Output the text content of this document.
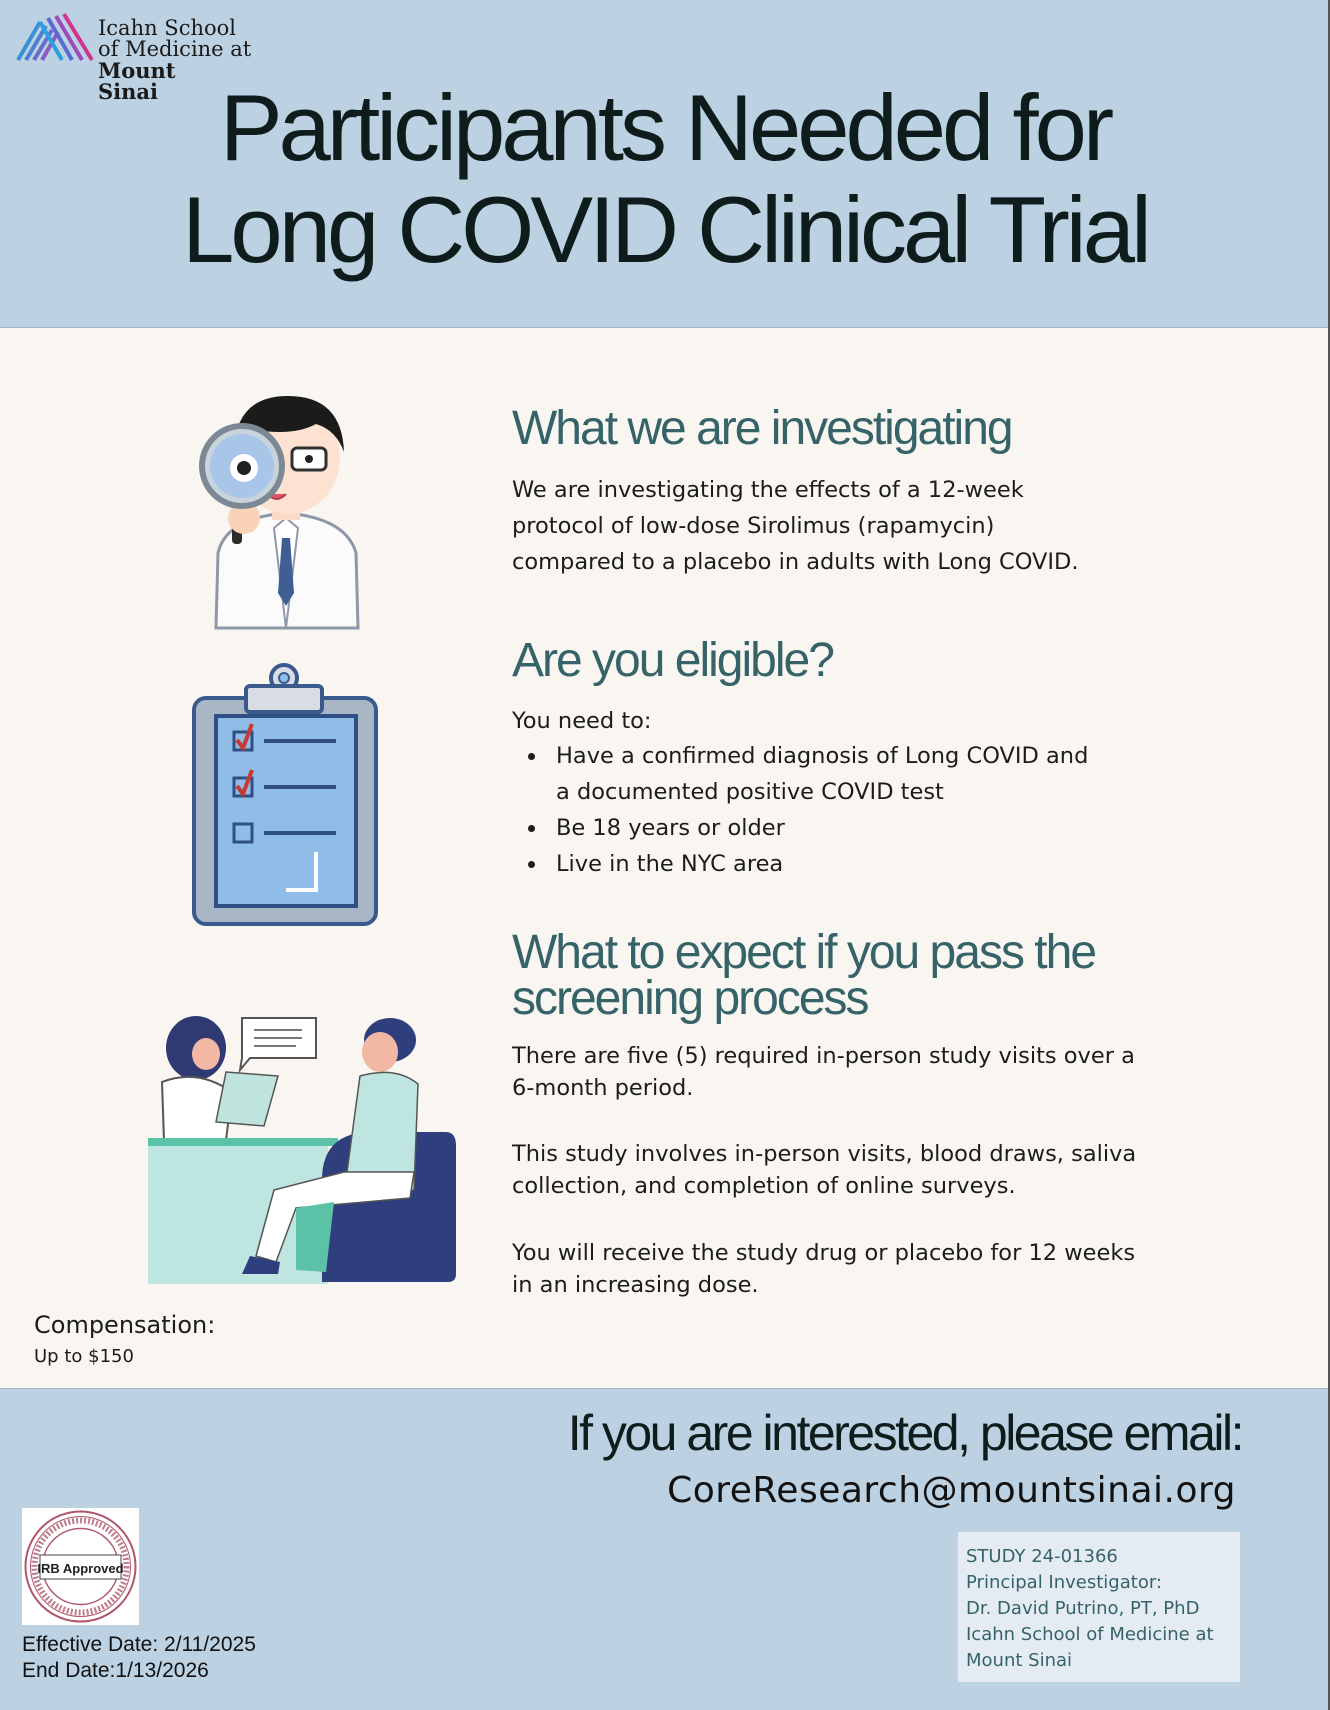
Icahn School
of Medicine at
Mount
Sinai Participants Needed for
Long COVID Clinical Trial
What we are investigating
We are investigating the effects of a 12-week
protocol of low-dose Sirolimus (rapamycin)
compared to a placebo in adults with Long COVID.
Are you eligible?
You need to:
Have a confirmed diagnosis of Long COVID and
a documented positive COVID test
Be 18 years or older
Live in the NYC area
What to expect if you pass the
screening process
There are five (5) required in-person study visits over a
6-month period.
This study involves in-person visits, blood draws, saliva
collection, and completion of online surveys.
You will receive the study drug or placebo for 12 weeks
in an increasing dose.
Compensation:
Up to $150
If you are interested, please email:
CoreResearch@mountsinai.org
IRB Approved
Effective Date: 2/11/2025
End Date:1/13/2026
STUDY 24-01366
Principal Investigator:
Dr. David Putrino, PT, PhD
Icahn School of Medicine at
Mount Sinai
